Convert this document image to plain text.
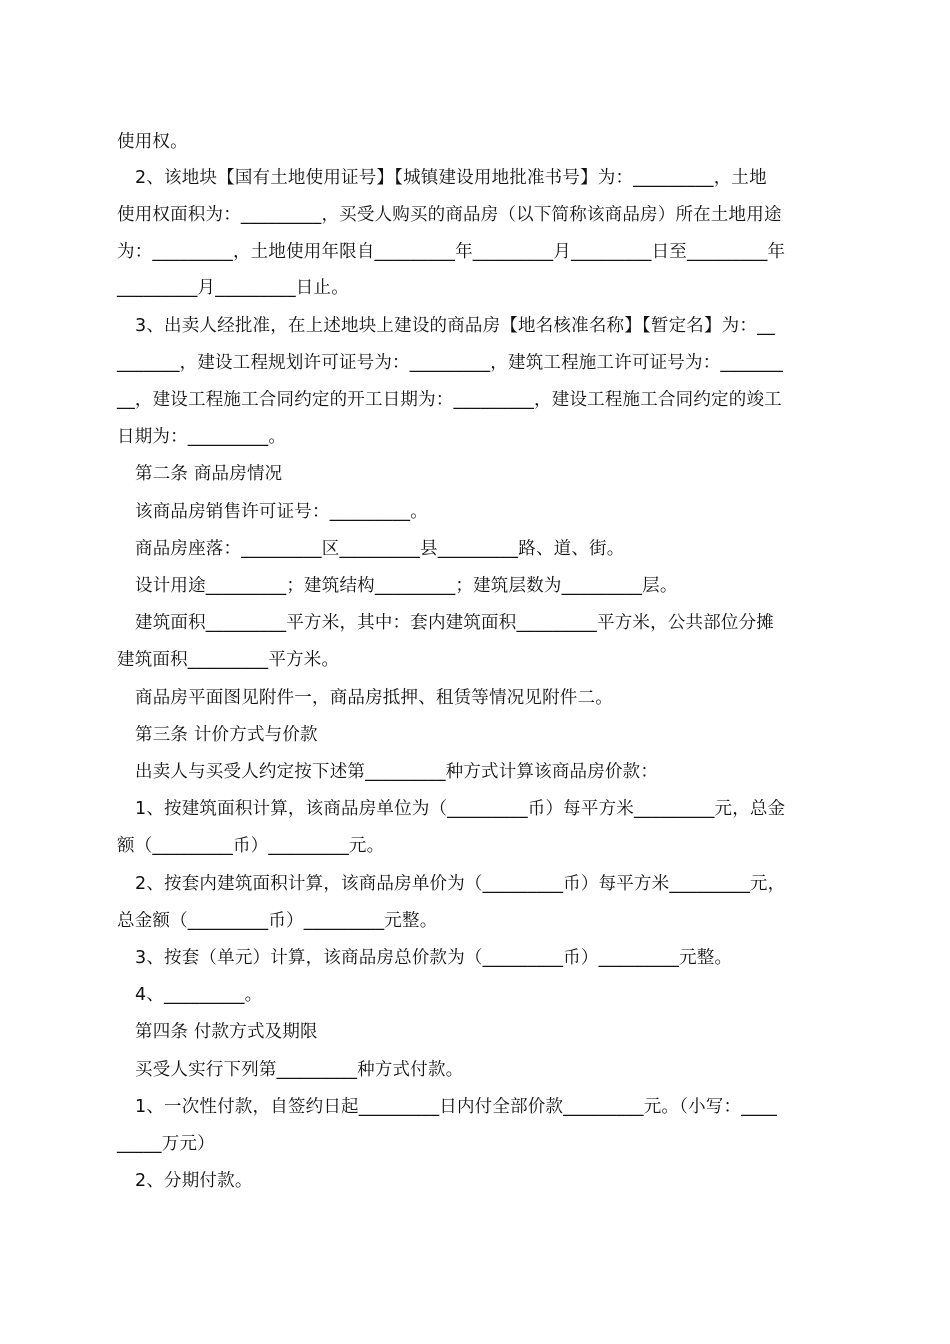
使用权。
2、该地块【国有土地使用证号】【城镇建设用地批准书号】为：_________，土地
使用权面积为：_________，买受人购买的商品房（以下简称该商品房）所在土地用途
为：_________，土地使用年限自_________年_________月_________日至_________年
_________月_________日止。
3、出卖人经批准，在上述地块上建设的商品房【地名核准名称】【暂定名】为：__
_______，建设工程规划许可证号为：_________，建筑工程施工许可证号为：_______
__，建设工程施工合同约定的开工日期为：_________，建设工程施工合同约定的竣工
日期为：_________。
第二条 商品房情况
该商品房销售许可证号：_________。
商品房座落：_________区_________县_________路、道、街。
设计用途_________；建筑结构_________；建筑层数为_________层。
建筑面积_________平方米，其中：套内建筑面积_________平方米，公共部位分摊
建筑面积_________平方米。
商品房平面图见附件一，商品房抵押、租赁等情况见附件二。
第三条 计价方式与价款
出卖人与买受人约定按下述第_________种方式计算该商品房价款：
1、按建筑面积计算，该商品房单位为（_________币）每平方米_________元，总金
额（_________币）_________元。
2、按套内建筑面积计算，该商品房单价为（_________币）每平方米_________元，
总金额（_________币）_________元整。
3、按套（单元）计算，该商品房总价款为（_________币）_________元整。
4、_________。
第四条 付款方式及期限
买受人实行下列第_________种方式付款。
1、一次性付款，自签约日起_________日内付全部价款_________元。（小写：____
_____万元）
2、分期付款。
